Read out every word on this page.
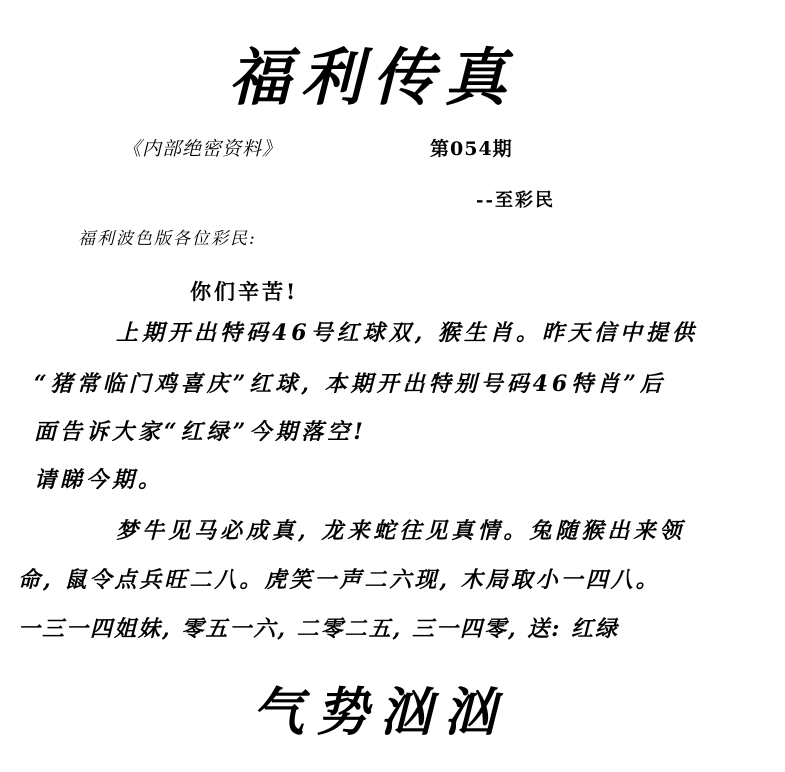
福利传真
《内部绝密资料》	第054期
--至彩民
福利波色版各位彩民:
你们辛苦!
上期开出特码46号红球双, 猴生肖。昨天信中提供
“猪常临门鸡喜庆”红球, 本期开出特别号码46特肖”后
面告诉大家“红绿”今期落空!
请睇今期。
梦牛见马必成真, 龙来蛇往见真情。兔随猴出来领
命, 鼠令点兵旺二八。虎笑一声二六现, 木局取小一四八。
一三一四姐妹, 零五一六, 二零二五, 三一四零, 送: 红绿
气势汹汹
